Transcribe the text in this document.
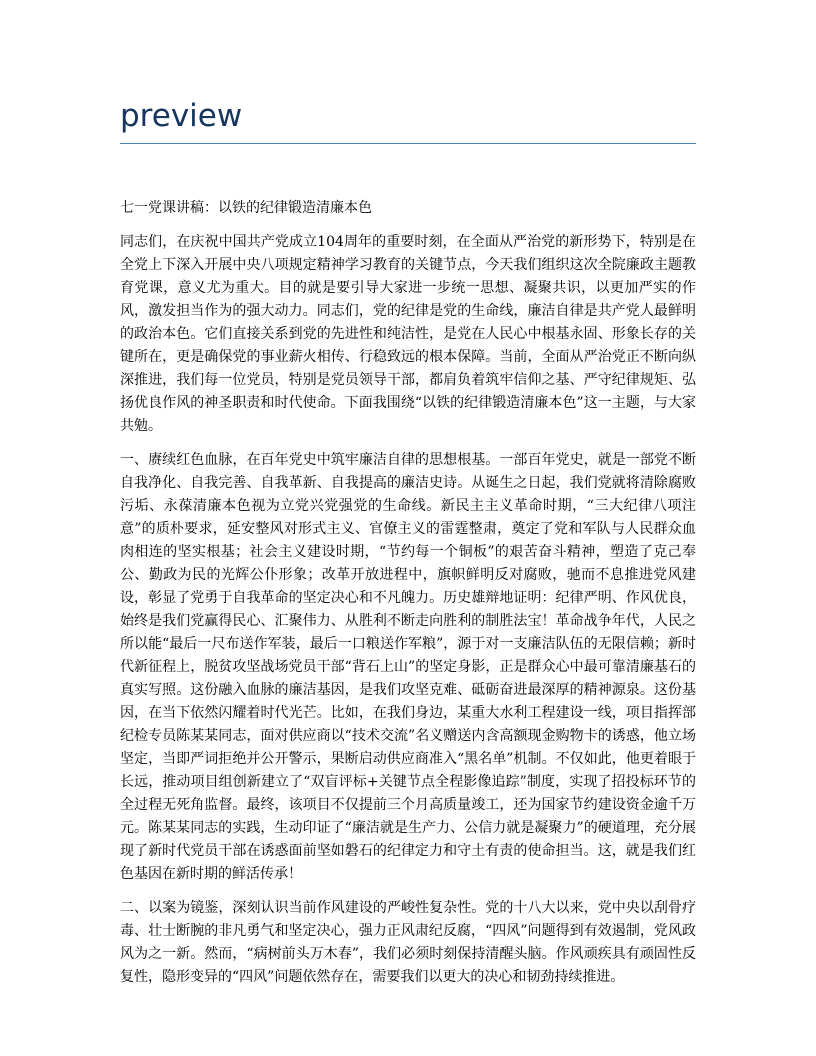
preview

七一党课讲稿：以铁的纪律锻造清廉本色

同志们，在庆祝中国共产党成立104周年的重要时刻，在全面从严治党的新形势下，特别是在全党上下深入开展中央八项规定精神学习教育的关键节点，今天我们组织这次全院廉政主题教育党课，意义尤为重大。目的就是要引导大家进一步统一思想、凝聚共识，以更加严实的作风，激发担当作为的强大动力。同志们，党的纪律是党的生命线，廉洁自律是共产党人最鲜明的政治本色。它们直接关系到党的先进性和纯洁性，是党在人民心中根基永固、形象长存的关键所在，更是确保党的事业薪火相传、行稳致远的根本保障。当前，全面从严治党正不断向纵深推进，我们每一位党员，特别是党员领导干部，都肩负着筑牢信仰之基、严守纪律规矩、弘扬优良作风的神圣职责和时代使命。下面我围绕“以铁的纪律锻造清廉本色”这一主题，与大家共勉。

一、赓续红色血脉，在百年党史中筑牢廉洁自律的思想根基。一部百年党史，就是一部党不断自我净化、自我完善、自我革新、自我提高的廉洁史诗。从诞生之日起，我们党就将清除腐败污垢、永葆清廉本色视为立党兴党强党的生命线。新民主主义革命时期，“三大纪律八项注意”的质朴要求，延安整风对形式主义、官僚主义的雷霆整肃，奠定了党和军队与人民群众血肉相连的坚实根基；社会主义建设时期，“节约每一个铜板”的艰苦奋斗精神，塑造了克己奉公、勤政为民的光辉公仆形象；改革开放进程中，旗帜鲜明反对腐败，驰而不息推进党风建设，彰显了党勇于自我革命的坚定决心和不凡魄力。历史雄辩地证明：纪律严明、作风优良，始终是我们党赢得民心、汇聚伟力、从胜利不断走向胜利的制胜法宝！革命战争年代，人民之所以能“最后一尺布送作军装，最后一口粮送作军粮”，源于对一支廉洁队伍的无限信赖；新时代新征程上，脱贫攻坚战场党员干部“背石上山”的坚定身影，正是群众心中最可靠清廉基石的真实写照。这份融入血脉的廉洁基因，是我们攻坚克难、砥砺奋进最深厚的精神源泉。这份基因，在当下依然闪耀着时代光芒。比如，在我们身边，某重大水利工程建设一线，项目指挥部纪检专员陈某某同志，面对供应商以“技术交流”名义赠送内含高额现金购物卡的诱惑，他立场坚定，当即严词拒绝并公开警示，果断启动供应商准入“黑名单”机制。不仅如此，他更着眼于长远，推动项目组创新建立了“双盲评标+关键节点全程影像追踪”制度，实现了招投标环节的全过程无死角监督。最终，该项目不仅提前三个月高质量竣工，还为国家节约建设资金逾千万元。陈某某同志的实践，生动印证了“廉洁就是生产力、公信力就是凝聚力”的硬道理，充分展现了新时代党员干部在诱惑面前坚如磐石的纪律定力和守土有责的使命担当。这，就是我们红色基因在新时期的鲜活传承！

二、以案为镜鉴，深刻认识当前作风建设的严峻性复杂性。党的十八大以来，党中央以刮骨疗毒、壮士断腕的非凡勇气和坚定决心，强力正风肃纪反腐，“四风”问题得到有效遏制，党风政风为之一新。然而，“病树前头万木春”，我们必须时刻保持清醒头脑。作风顽疾具有顽固性反复性，隐形变异的“四风”问题依然存在，需要我们以更大的决心和韧劲持续推进。
